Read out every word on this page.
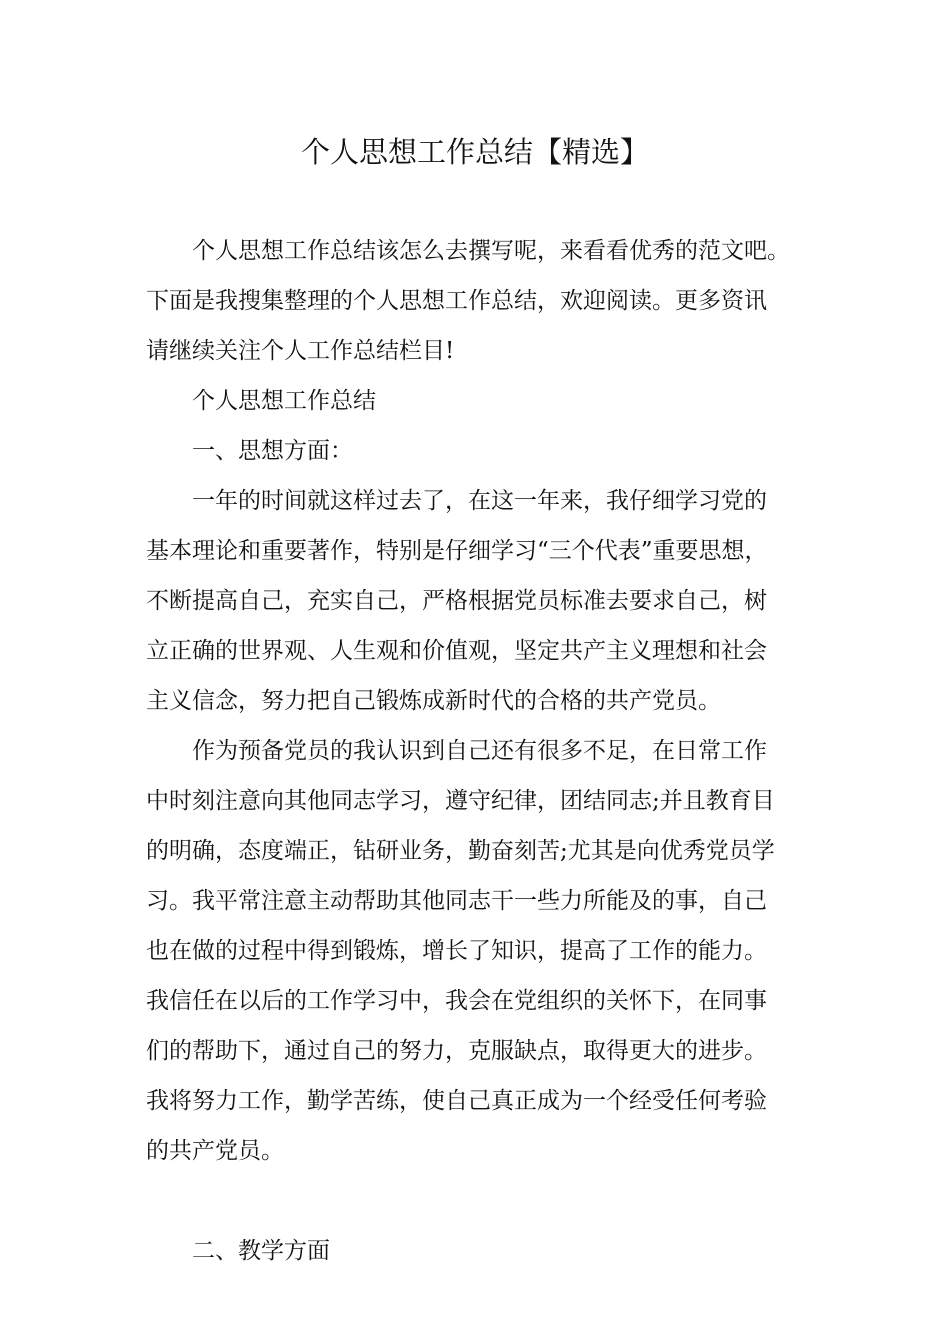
个人思想工作总结【精选】
个人思想工作总结该怎么去撰写呢，来看看优秀的范文吧。
下面是我搜集整理的个人思想工作总结，欢迎阅读。更多资讯
请继续关注个人工作总结栏目!
个人思想工作总结
一、思想方面：
一年的时间就这样过去了，在这一年来，我仔细学习党的
基本理论和重要著作，特别是仔细学习“三个代表”重要思想，
不断提高自己，充实自己，严格根据党员标准去要求自己，树
立正确的世界观、人生观和价值观，坚定共产主义理想和社会
主义信念，努力把自己锻炼成新时代的合格的共产党员。
作为预备党员的我认识到自己还有很多不足，在日常工作
中时刻注意向其他同志学习，遵守纪律，团结同志;并且教育目
的明确，态度端正，钻研业务，勤奋刻苦;尤其是向优秀党员学
习。我平常注意主动帮助其他同志干一些力所能及的事，自己
也在做的过程中得到锻炼，增长了知识，提高了工作的能力。
我信任在以后的工作学习中，我会在党组织的关怀下，在同事
们的帮助下，通过自己的努力，克服缺点，取得更大的进步。
我将努力工作，勤学苦练，使自己真正成为一个经受任何考验
的共产党员。
二、教学方面
